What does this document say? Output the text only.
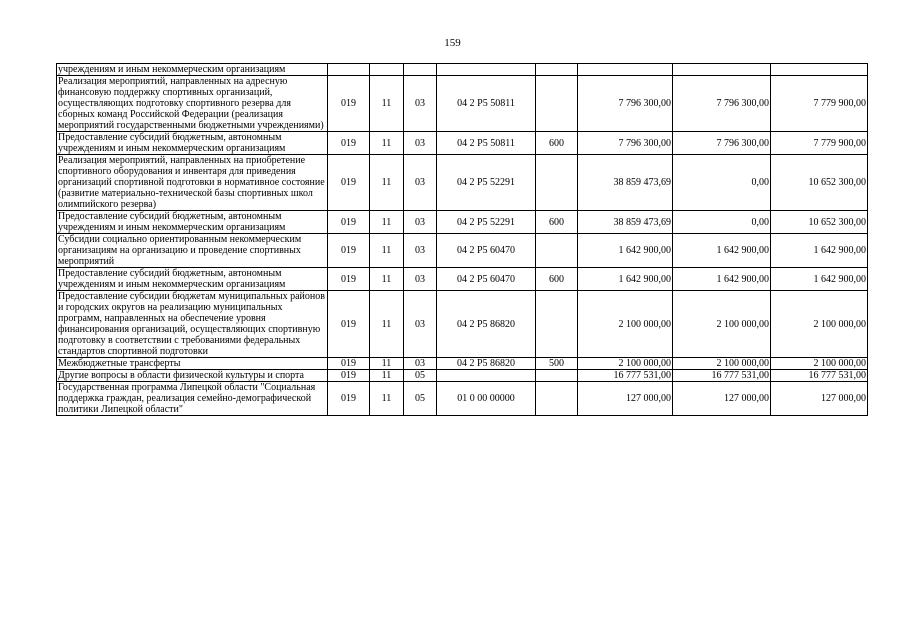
159
учреждениям и иным некоммерческим организациям								
Реализация мероприятий, направленных на адресную финансовую поддержку спортивных организаций, осуществляющих подготовку спортивного резерва для сборных команд Российской Федерации (реализация мероприятий государственными бюджетными учреждениями)	019	11	03	04 2 P5 50811		7 796 300,00	7 796 300,00	7 779 900,00
Предоставление субсидий бюджетным, автономным учреждениям и иным некоммерческим организациям	019	11	03	04 2 P5 50811	600	7 796 300,00	7 796 300,00	7 779 900,00
Реализация мероприятий, направленных на приобретение спортивного оборудования и инвентаря для приведения организаций спортивной подготовки в нормативное состояние (развитие материально-технической базы спортивных школ олимпийского резерва)	019	11	03	04 2 P5 52291		38 859 473,69	0,00	10 652 300,00
Предоставление субсидий бюджетным, автономным учреждениям и иным некоммерческим организациям	019	11	03	04 2 P5 52291	600	38 859 473,69	0,00	10 652 300,00
Субсидии социально ориентированным некоммерческим организациям на организацию и проведение спортивных мероприятий	019	11	03	04 2 P5 60470		1 642 900,00	1 642 900,00	1 642 900,00
Предоставление субсидий бюджетным, автономным учреждениям и иным некоммерческим организациям	019	11	03	04 2 P5 60470	600	1 642 900,00	1 642 900,00	1 642 900,00
Предоставление субсидии бюджетам муниципальных районов и городских округов на реализацию муниципальных программ, направленных на обеспечение уровня финансирования организаций, осуществляющих спортивную подготовку в соответствии с требованиями федеральных стандартов спортивной подготовки	019	11	03	04 2 P5 86820		2 100 000,00	2 100 000,00	2 100 000,00
Межбюджетные трансферты	019	11	03	04 2 P5 86820	500	2 100 000,00	2 100 000,00	2 100 000,00
Другие вопросы в области физической культуры и спорта	019	11	05			16 777 531,00	16 777 531,00	16 777 531,00
Государственная программа Липецкой области "Социальная поддержка граждан, реализация семейно-демографической политики Липецкой области"	019	11	05	01 0 00 00000		127 000,00	127 000,00	127 000,00
